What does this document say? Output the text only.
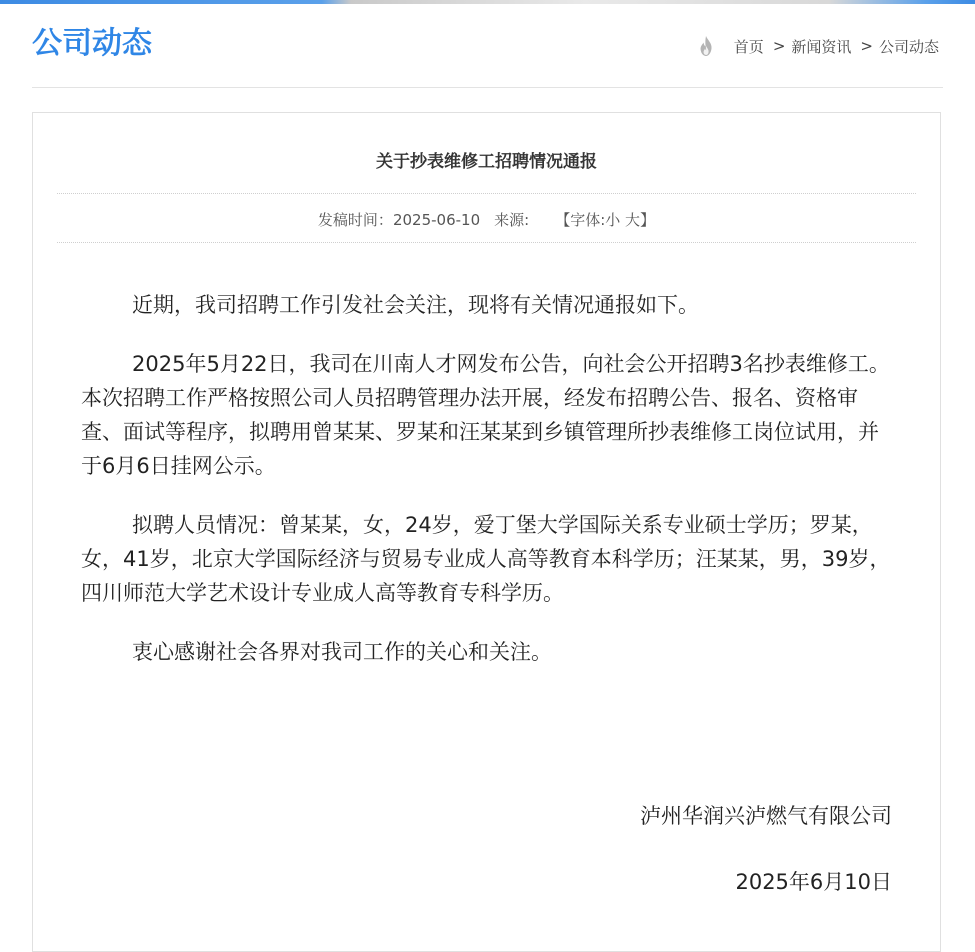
公司动态	首页 > 新闻资讯 > 公司动态
关于抄表维修工招聘情况通报
发稿时间：2025-06-10 来源: 【字体:小 大】

近期，我司招聘工作引发社会关注，现将有关情况通报如下。

2025年5月22日，我司在川南人才网发布公告，向社会公开招聘3名抄表维修工。本次招聘工作严格按照公司人员招聘管理办法开展，经发布招聘公告、报名、资格审查、面试等程序，拟聘用曾某某、罗某和汪某某到乡镇管理所抄表维修工岗位试用，并于6月6日挂网公示。

拟聘人员情况：曾某某，女，24岁，爱丁堡大学国际关系专业硕士学历；罗某，女，41岁，北京大学国际经济与贸易专业成人高等教育本科学历；汪某某，男，39岁，四川师范大学艺术设计专业成人高等教育专科学历。

衷心感谢社会各界对我司工作的关心和关注。

泸州华润兴泸燃气有限公司
2025年6月10日
